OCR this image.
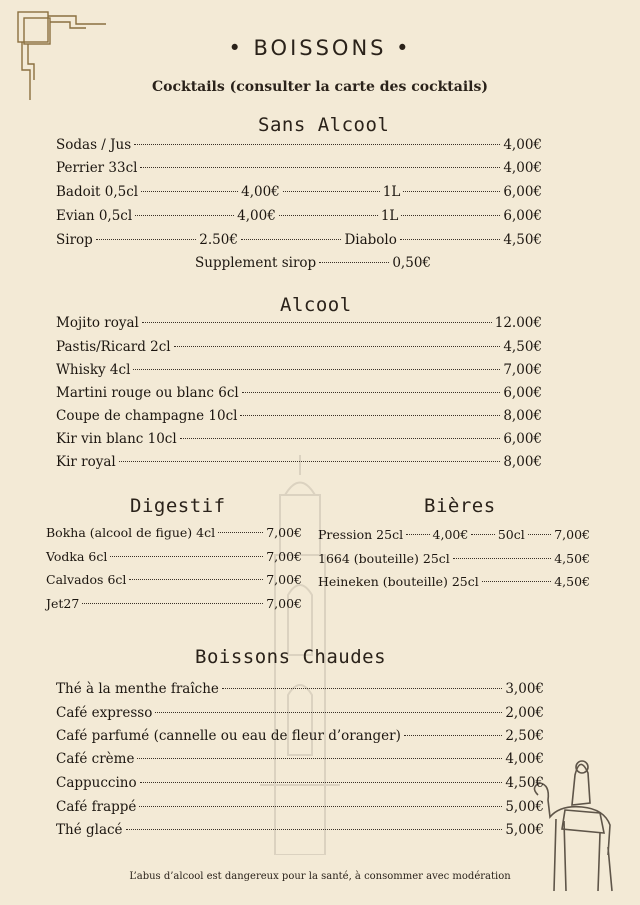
• BOISSONS •
Cocktails (consulter la carte des cocktails)
Sans Alcool
Sodas / Jus	4,00€
Perrier 33cl	4,00€
Badoit 0,5cl	4,00€	1L	6,00€
Evian 0,5cl	4,00€	1L	6,00€
Sirop	2.50€	Diabolo	4,50€
Supplement sirop	0,50€
Alcool
Mojito royal	12.00€
Pastis/Ricard 2cl	4,50€
Whisky 4cl	7,00€
Martini rouge ou blanc 6cl	6,00€
Coupe de champagne 10cl	8,00€
Kir vin blanc 10cl	6,00€
Kir royal	8,00€
Digestif
Bokha (alcool de figue) 4cl	7,00€
Vodka 6cl	7,00€
Calvados 6cl	7,00€
Jet27	7,00€
Bières
Pression 25cl 4,00€ 50cl 7,00€
1664 (bouteille) 25cl	4,50€
Heineken (bouteille) 25cl	4,50€
Boissons Chaudes
Thé à la menthe fraîche	3,00€
Café expresso	2,00€
Café parfumé (cannelle ou eau de fleur d’oranger)	2,50€
Café crème	4,00€
Cappuccino	4,50€
Café frappé	5,00€
Thé glacé	5,00€
L’abus d’alcool est dangereux pour la santé, à consommer avec modération
